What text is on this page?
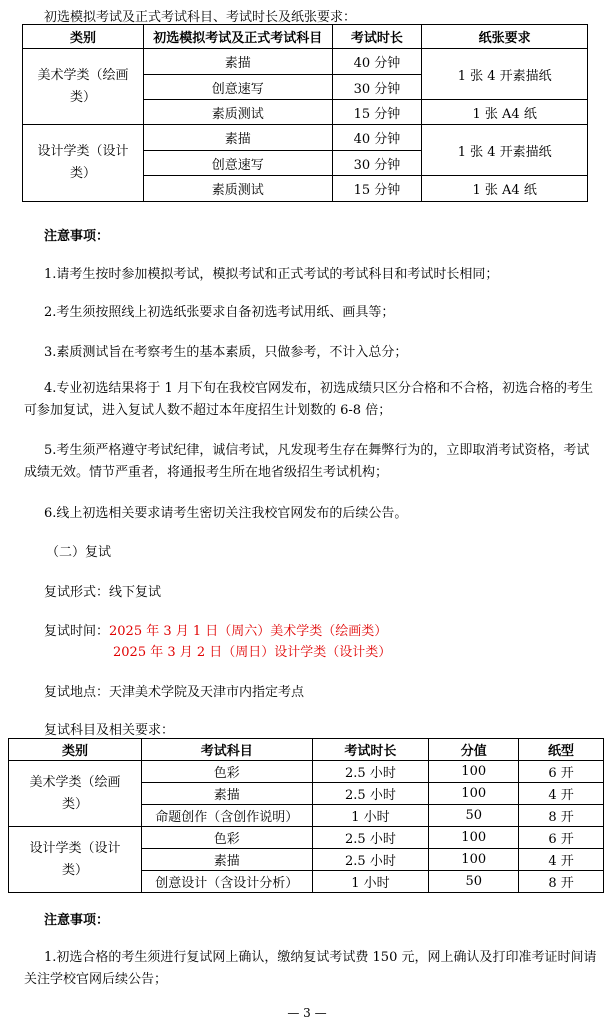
初选模拟考试及正式考试科目、考试时长及纸张要求：
类别	初选模拟考试及正式考试科目	考试时长	纸张要求

美术学类（绘画类）	素描	40 分钟	1 张 4 开素描纸
	创意速写	30 分钟	
	素质测试	15 分钟	1 张 A4 纸

设计学类（设计类）	素描	40 分钟	1 张 4 开素描纸
	创意速写	30 分钟	
	素质测试	15 分钟	1 张 A4 纸
注意事项：
1.请考生按时参加模拟考试，模拟考试和正式考试的考试科目和考试时长相同；
2.考生须按照线上初选纸张要求自备初选考试用纸、画具等；
3.素质测试旨在考察考生的基本素质，只做参考，不计入总分；
4.专业初选结果将于 1 月下旬在我校官网发布，初选成绩只区分合格和不合格，初选合格的考生可参加复试，进入复试人数不超过本年度招生计划数的 6-8 倍；
5.考生须严格遵守考试纪律，诚信考试，凡发现考生存在舞弊行为的，立即取消考试资格，考试成绩无效。情节严重者，将通报考生所在地省级招生考试机构；
6.线上初选相关要求请考生密切关注我校官网发布的后续公告。
（二）复试
复试形式：线下复试
复试时间：2025 年 3 月 1 日（周六）美术学类（绘画类）
2025 年 3 月 2 日（周日）设计学类（设计类）
复试地点：天津美术学院及天津市内指定考点
复试科目及相关要求：
类别	考试科目	考试时长	分值	纸型

美术学类（绘画类）	色彩	2.5 小时	100	6 开
	素描	2.5 小时	100	4 开
	命题创作（含创作说明）	1 小时	50	8 开

设计学类（设计类）	色彩	2.5 小时	100	6 开
	素描	2.5 小时	100	4 开
	创意设计（含设计分析）	1 小时	50	8 开
注意事项：
1.初选合格的考生须进行复试网上确认，缴纳复试考试费 150 元，网上确认及打印准考证时间请关注学校官网后续公告；
— 3 —
